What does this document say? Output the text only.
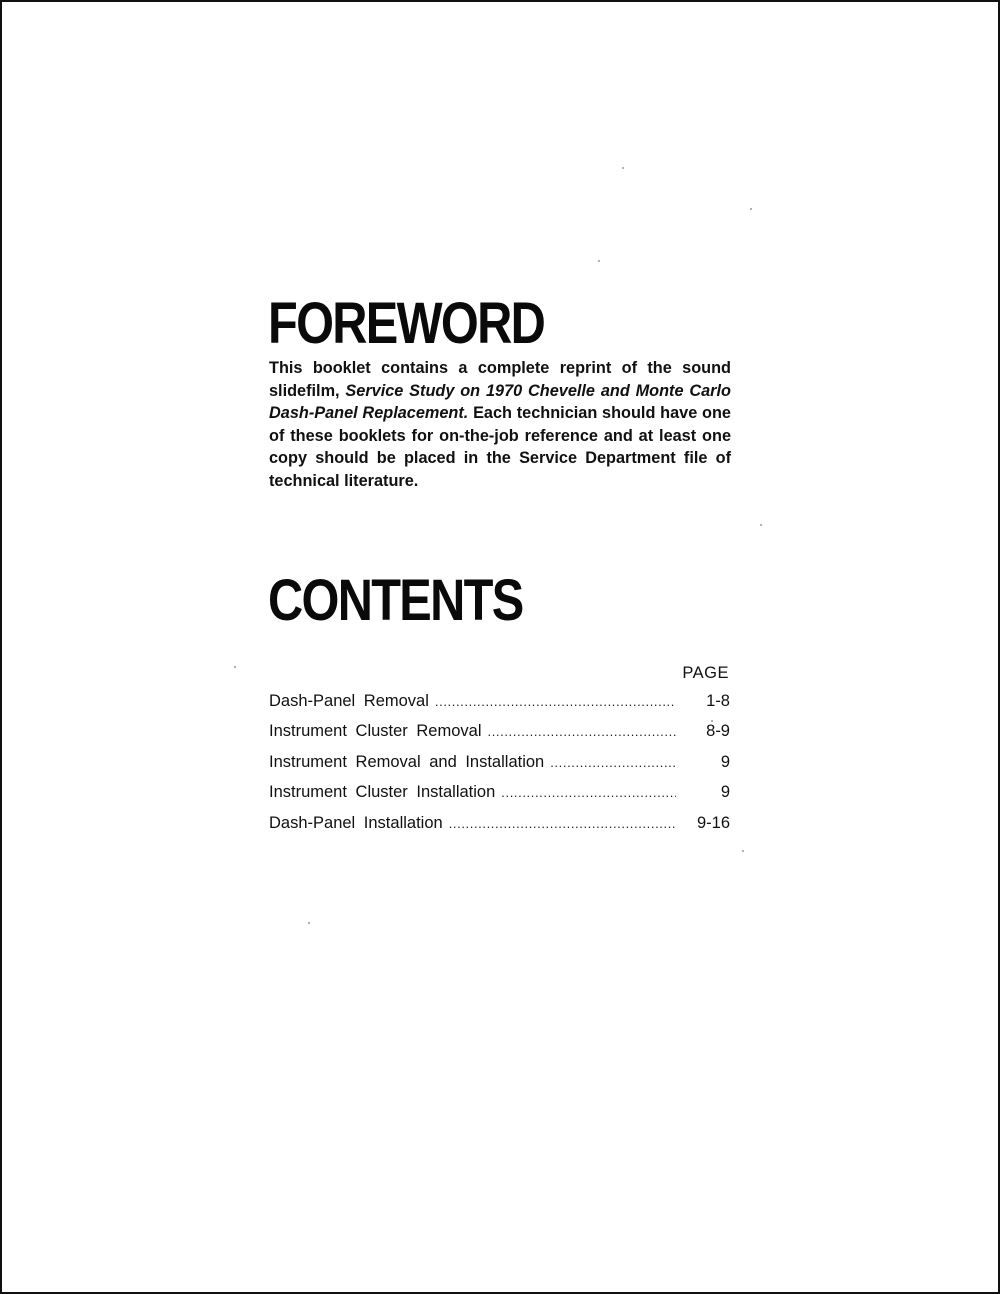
FOREWORD

This booklet contains a complete reprint of the sound slidefilm, Service Study on 1970 Chevelle and Monte Carlo Dash-Panel Replacement. Each technician should have one of these booklets for on-the-job reference and at least one copy should be placed in the Service Department file of technical literature.

CONTENTS
PAGE
Dash-Panel Removal .....	1-8
Instrument Cluster Removal .....	8-9
Instrument Removal and Installation .....	9
Instrument Cluster Installation .....	9
Dash-Panel Installation .....	9-16
